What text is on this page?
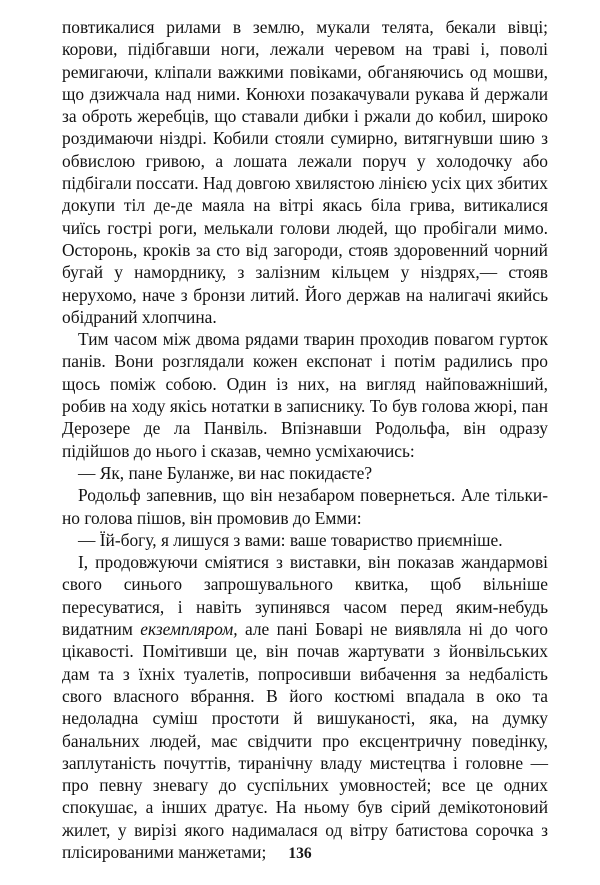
повтикалися рилами в землю, мукали телята, бекали вівці; корови, підібгавши ноги, лежали черевом на траві і, поволі ремигаючи, кліпали важкими повіками, обганяючись од мошви, що дзижчала над ними. Конюхи позакачували рукава й держали за оброть жеребців, що ставали дибки і ржали до кобил, широко роздимаючи ніздрі. Кобили стояли сумирно, витягнувши шию з обвислою гривою, а лошата лежали поруч у холодочку або підбігали поссати. Над довгою хвилястою лінією усіх цих збитих докупи тіл де-де маяла на вітрі якась біла грива, витикалися чиїсь гострі роги, мелькали голови людей, що пробігали мимо. Осторонь, кроків за сто від загороди, стояв здоровенний чорний бугай у наморднику, з залізним кільцем у ніздрях,— стояв нерухомо, наче з бронзи литий. Його держав на налигачі якийсь обідраний хлопчина.

Тим часом між двома рядами тварин проходив повагом гурток панів. Вони розглядали кожен експонат і потім радились про щось поміж собою. Один із них, на вигляд найповажніший, робив на ходу якісь нотатки в записнику. То був голова жюрі, пан Дерозере де ла Панвіль. Впізнавши Родольфа, він одразу підійшов до нього і сказав, чемно усміхаючись:

— Як, пане Буланже, ви нас покидаєте?

Родольф запевнив, що він незабаром повернеться. Але тільки-но голова пішов, він промовив до Емми:

— Їй-богу, я лишуся з вами: ваше товариство приємніше.

І, продовжуючи сміятися з виставки, він показав жандармові свого синього запрошувального квитка, щоб вільніше пересуватися, і навіть зупинявся часом перед яким-небудь видатним екземпляром, але пані Боварі не виявляла ні до чого цікавості. Помітивши це, він почав жартувати з йонвільських дам та з їхніх туалетів, попросивши вибачення за недбалість свого власного вбрання. В його костюмі впадала в око та недоладна суміш простоти й вишуканості, яка, на думку банальних людей, має свідчити про ексцентричну поведінку, заплутаність почуттів, тиранічну владу мистецтва і головне — про певну зневагу до суспільних умовностей; все це одних спокушає, а інших дратує. На ньому був сірий демікотоновий жилет, у вирізі якого надималася од вітру батистова сорочка з плісированими манжетами;	136
